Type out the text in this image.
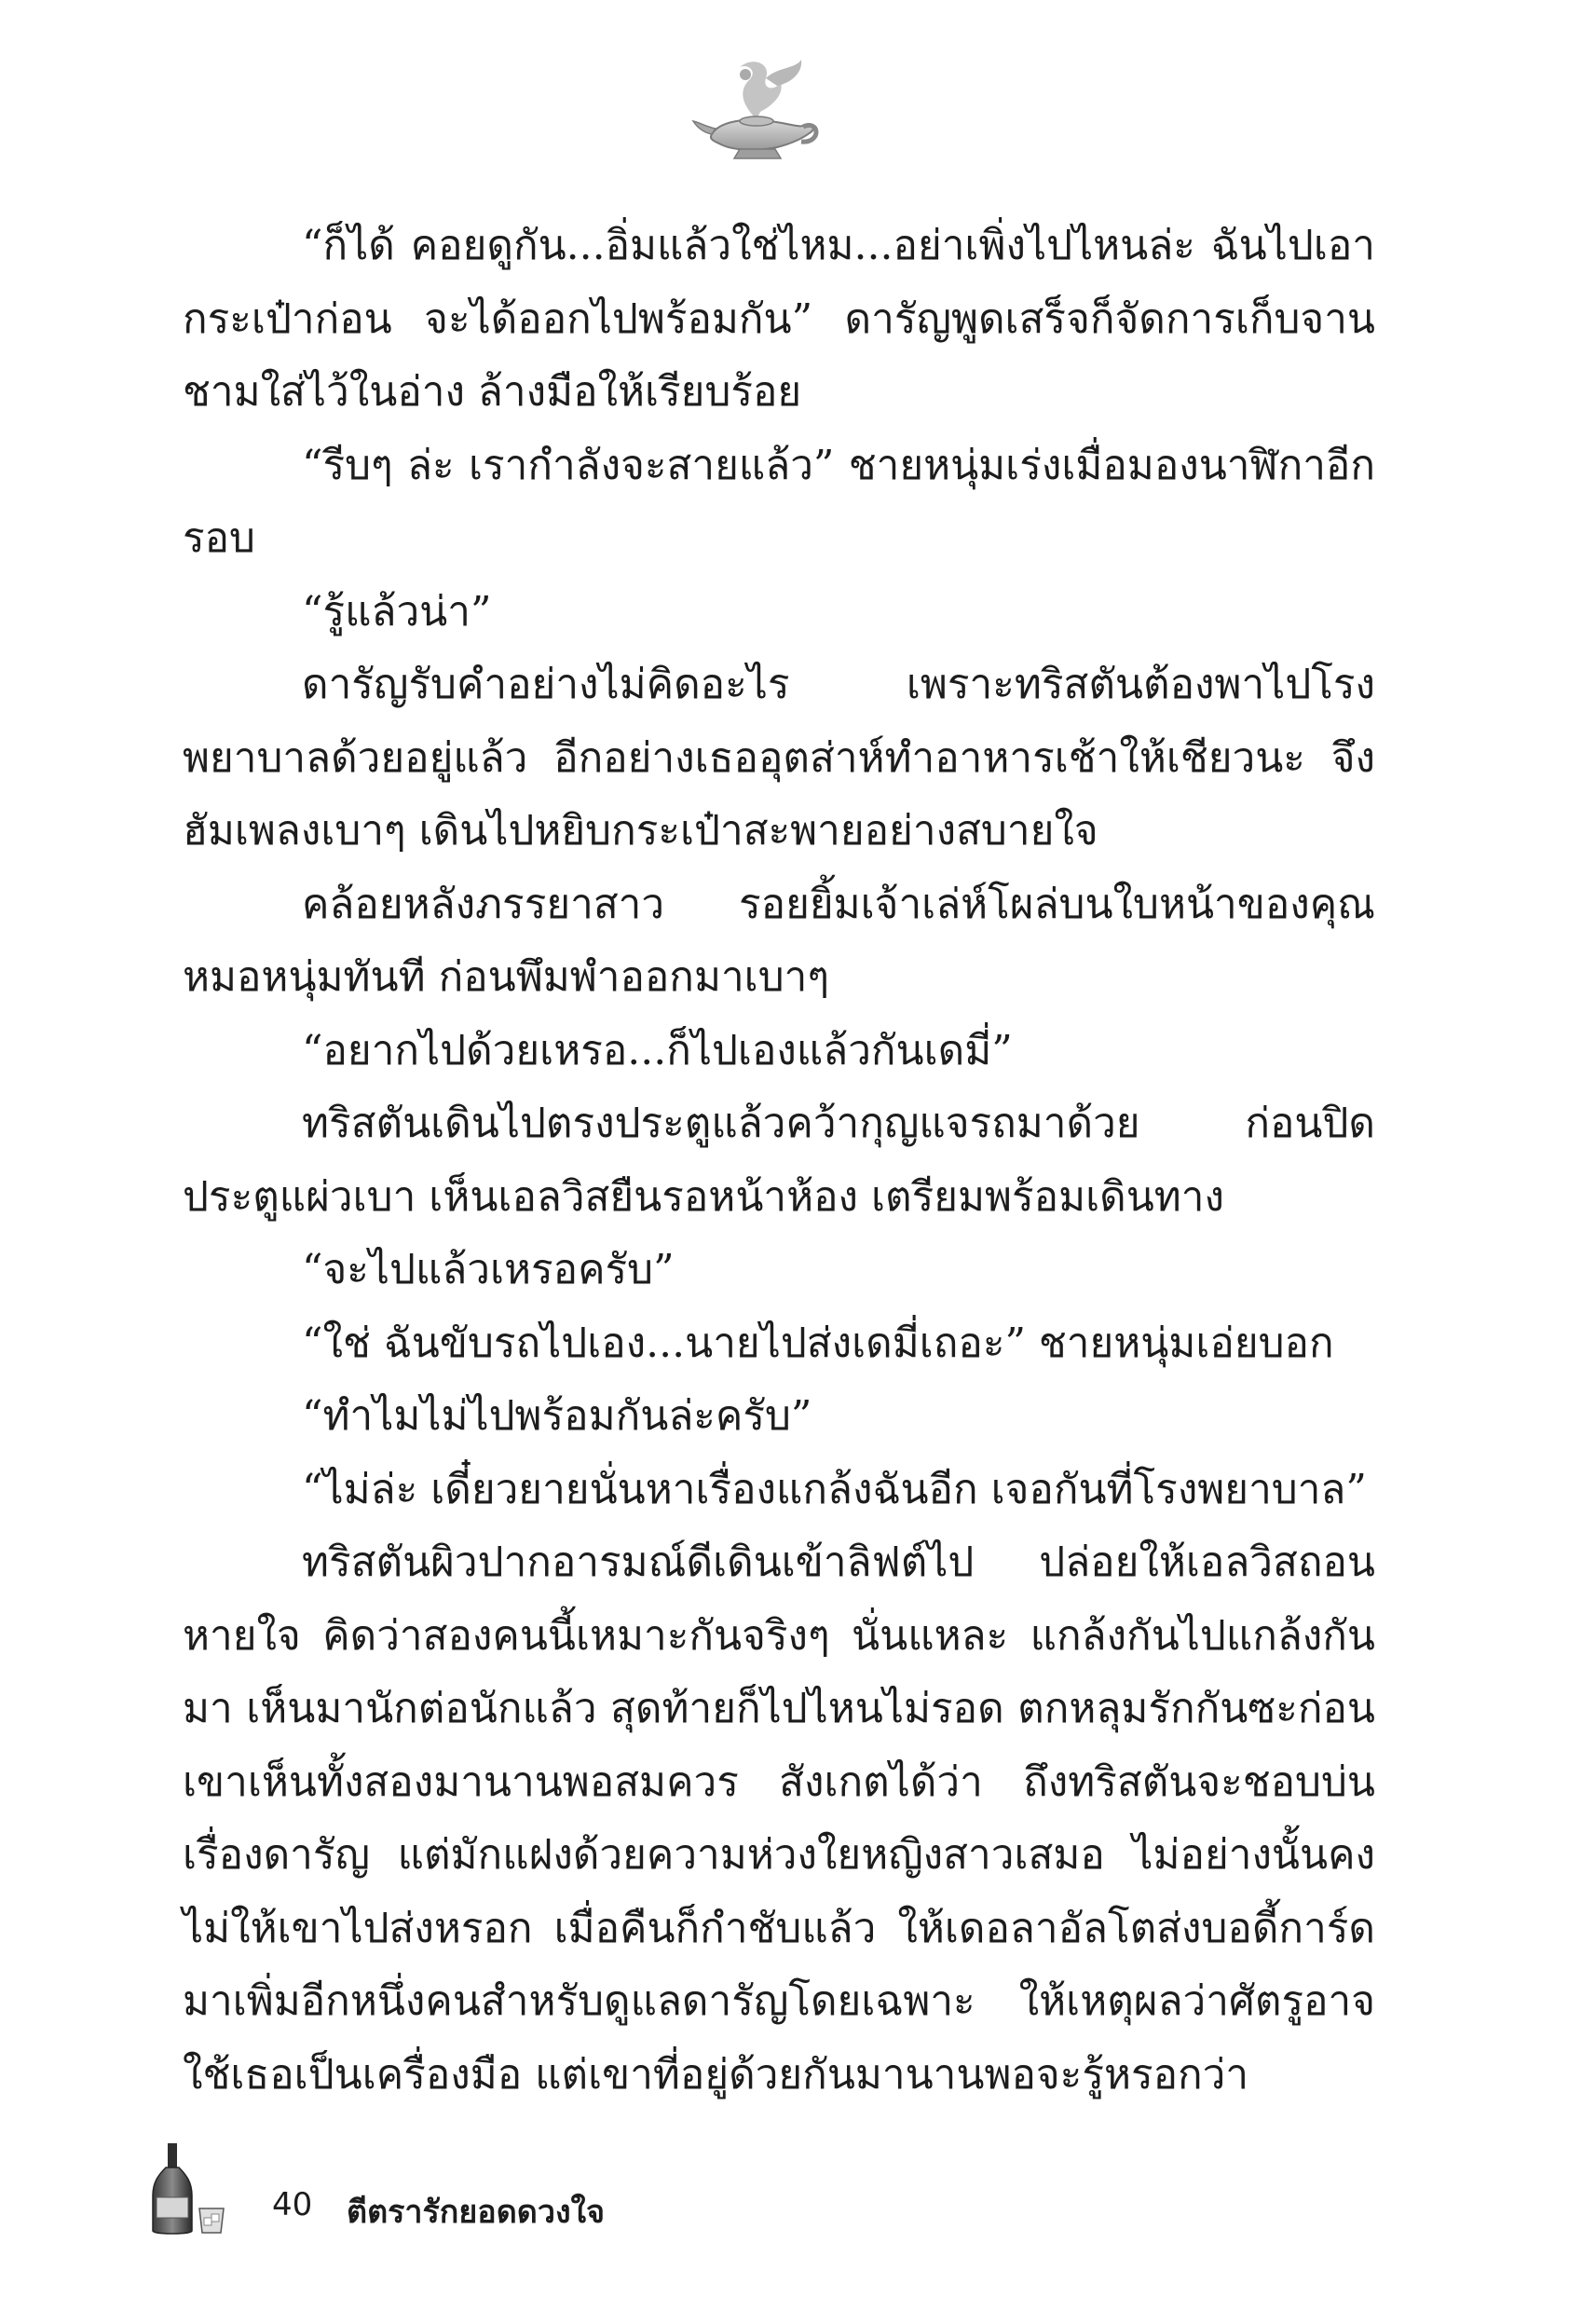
“ก็ได้ คอยดูกัน...อิ่มแล้วใช่ไหม...อย่าเพิ่งไปไหนล่ะ ฉันไปเอากระเป๋าก่อน จะได้ออกไปพร้อมกัน” ดารัญพูดเสร็จก็จัดการเก็บจานชามใส่ไว้ในอ่าง ล้างมือให้เรียบร้อย

“รีบๆ ล่ะ เรากำลังจะสายแล้ว” ชายหนุ่มเร่งเมื่อมองนาฬิกาอีกรอบ

“รู้แล้วน่า”

ดารัญรับคำอย่างไม่คิดอะไร เพราะทริสตันต้องพาไปโรงพยาบาลด้วยอยู่แล้ว อีกอย่างเธออุตส่าห์ทำอาหารเช้าให้เชียวนะ จึงฮัมเพลงเบาๆ เดินไปหยิบกระเป๋าสะพายอย่างสบายใจ

คล้อยหลังภรรยาสาว รอยยิ้มเจ้าเล่ห์โผล่บนใบหน้าของคุณหมอหนุ่มทันที ก่อนพึมพำออกมาเบาๆ

“อยากไปด้วยเหรอ...ก็ไปเองแล้วกันเดมี่”

ทริสตันเดินไปตรงประตูแล้วคว้ากุญแจรถมาด้วย ก่อนปิดประตูแผ่วเบา เห็นเอลวิสยืนรอหน้าห้อง เตรียมพร้อมเดินทาง

“จะไปแล้วเหรอครับ”

“ใช่ ฉันขับรถไปเอง...นายไปส่งเดมี่เถอะ” ชายหนุ่มเอ่ยบอก

“ทำไมไม่ไปพร้อมกันล่ะครับ”

“ไม่ล่ะ เดี๋ยวยายนั่นหาเรื่องแกล้งฉันอีก เจอกันที่โรงพยาบาล”

ทริสตันผิวปากอารมณ์ดีเดินเข้าลิฟต์ไป ปล่อยให้เอลวิสถอนหายใจ คิดว่าสองคนนี้เหมาะกันจริงๆ นั่นแหละ แกล้งกันไปแกล้งกันมา เห็นมานักต่อนักแล้ว สุดท้ายก็ไปไหนไม่รอด ตกหลุมรักกันซะก่อน เขาเห็นทั้งสองมานานพอสมควร สังเกตได้ว่า ถึงทริสตันจะชอบบ่นเรื่องดารัญ แต่มักแฝงด้วยความห่วงใยหญิงสาวเสมอ ไม่อย่างนั้นคงไม่ให้เขาไปส่งหรอก เมื่อคืนก็กำชับแล้ว ให้เดอลาอัลโตส่งบอดี้การ์ดมาเพิ่มอีกหนึ่งคนสำหรับดูแลดารัญโดยเฉพาะ ให้เหตุผลว่าศัตรูอาจใช้เธอเป็นเครื่องมือ แต่เขาที่อยู่ด้วยกันมานานพอจะรู้หรอกว่า

40 ตีตรารักยอดดวงใจ
